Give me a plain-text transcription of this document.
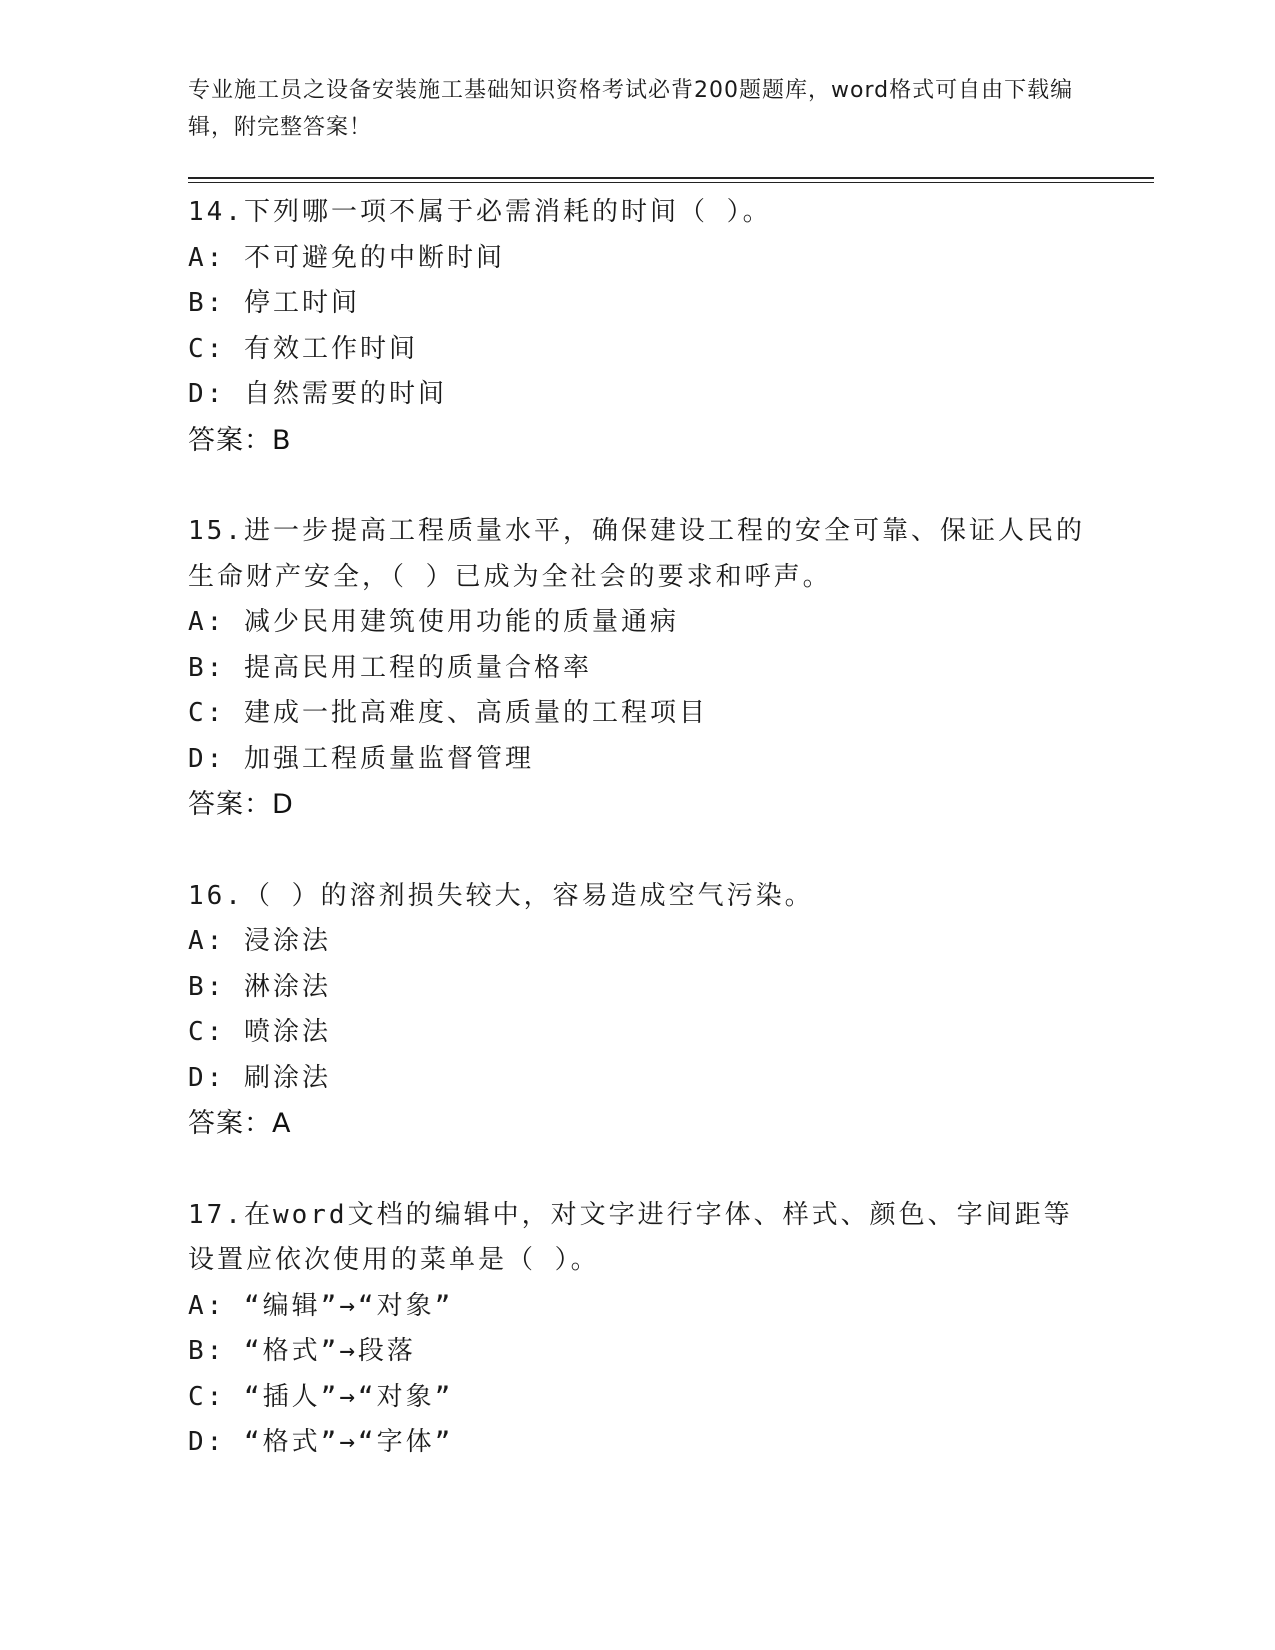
专业施工员之设备安装施工基础知识资格考试必背200题题库，word格式可自由下载编辑，附完整答案！

14.下列哪一项不属于必需消耗的时间（ ）。
A: 不可避免的中断时间
B: 停工时间
C: 有效工作时间
D: 自然需要的时间
答案：B
15.进一步提高工程质量水平，确保建设工程的安全可靠、保证人民的
生命财产安全，（ ）已成为全社会的要求和呼声。
A: 减少民用建筑使用功能的质量通病
B: 提高民用工程的质量合格率
C: 建成一批高难度、高质量的工程项目
D: 加强工程质量监督管理
答案：D
16.（ ）的溶剂损失较大，容易造成空气污染。
A: 浸涂法
B: 淋涂法
C: 喷涂法
D: 刷涂法
答案：A
17.在word文档的编辑中，对文字进行字体、样式、颜色、字间距等
设置应依次使用的菜单是（ ）。
A: “编辑”→“对象”
B: “格式”→段落
C: “插人”→“对象”
D: “格式”→“字体”
